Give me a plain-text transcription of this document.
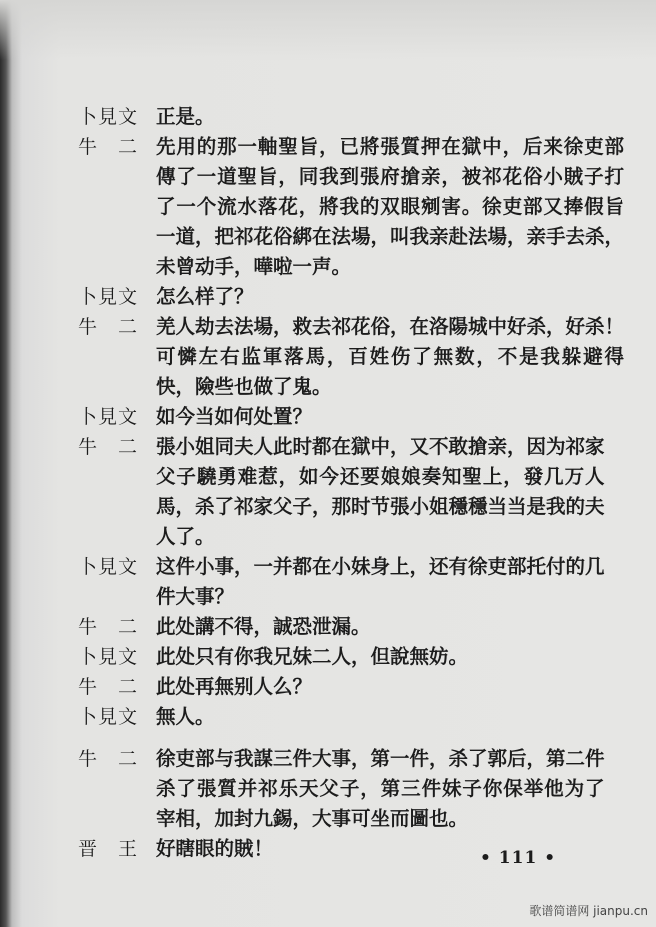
卜見文 正是。
牛　二 先用的那一軸聖旨，已將張質押在獄中，后来徐吏部
傳了一道聖旨，同我到張府搶亲，被祁花俗小賊子打
了一个流水落花，將我的双眼剜害。徐吏部又捧假旨
一道，把祁花俗綁在法場，叫我亲赴法場，亲手去杀，
未曾动手，嘩啦一声。
卜見文 怎么样了？
牛　二 羌人劫去法場，救去祁花俗，在洛陽城中好杀，好杀！
可憐左右监軍落馬，百姓伤了無数，不是我躲避得
快，險些也做了鬼。
卜見文 如今当如何处置？
牛　二 張小姐同夫人此时都在獄中，又不敢搶亲，因为祁家
父子驍勇难惹，如今还要娘娘奏知聖上，發几万人
馬，杀了祁家父子，那时节張小姐穩穩当当是我的夫
人了。
卜見文 这件小事，一并都在小妹身上，还有徐吏部托付的几
件大事？
牛　二 此处講不得，誠恐泄漏。
卜見文 此处只有你我兄妹二人，但說無妨。
牛　二 此处再無别人么？
卜見文 無人。
牛　二 徐吏部与我謀三件大事，第一件，杀了郭后，第二件
杀了張質并祁乐天父子，第三件妹子你保举他为了
宰相，加封九錫，大事可坐而圖也。
晋　王 好瞎眼的賊！	• 111 •
歌谱简谱网 jianpu.cn
